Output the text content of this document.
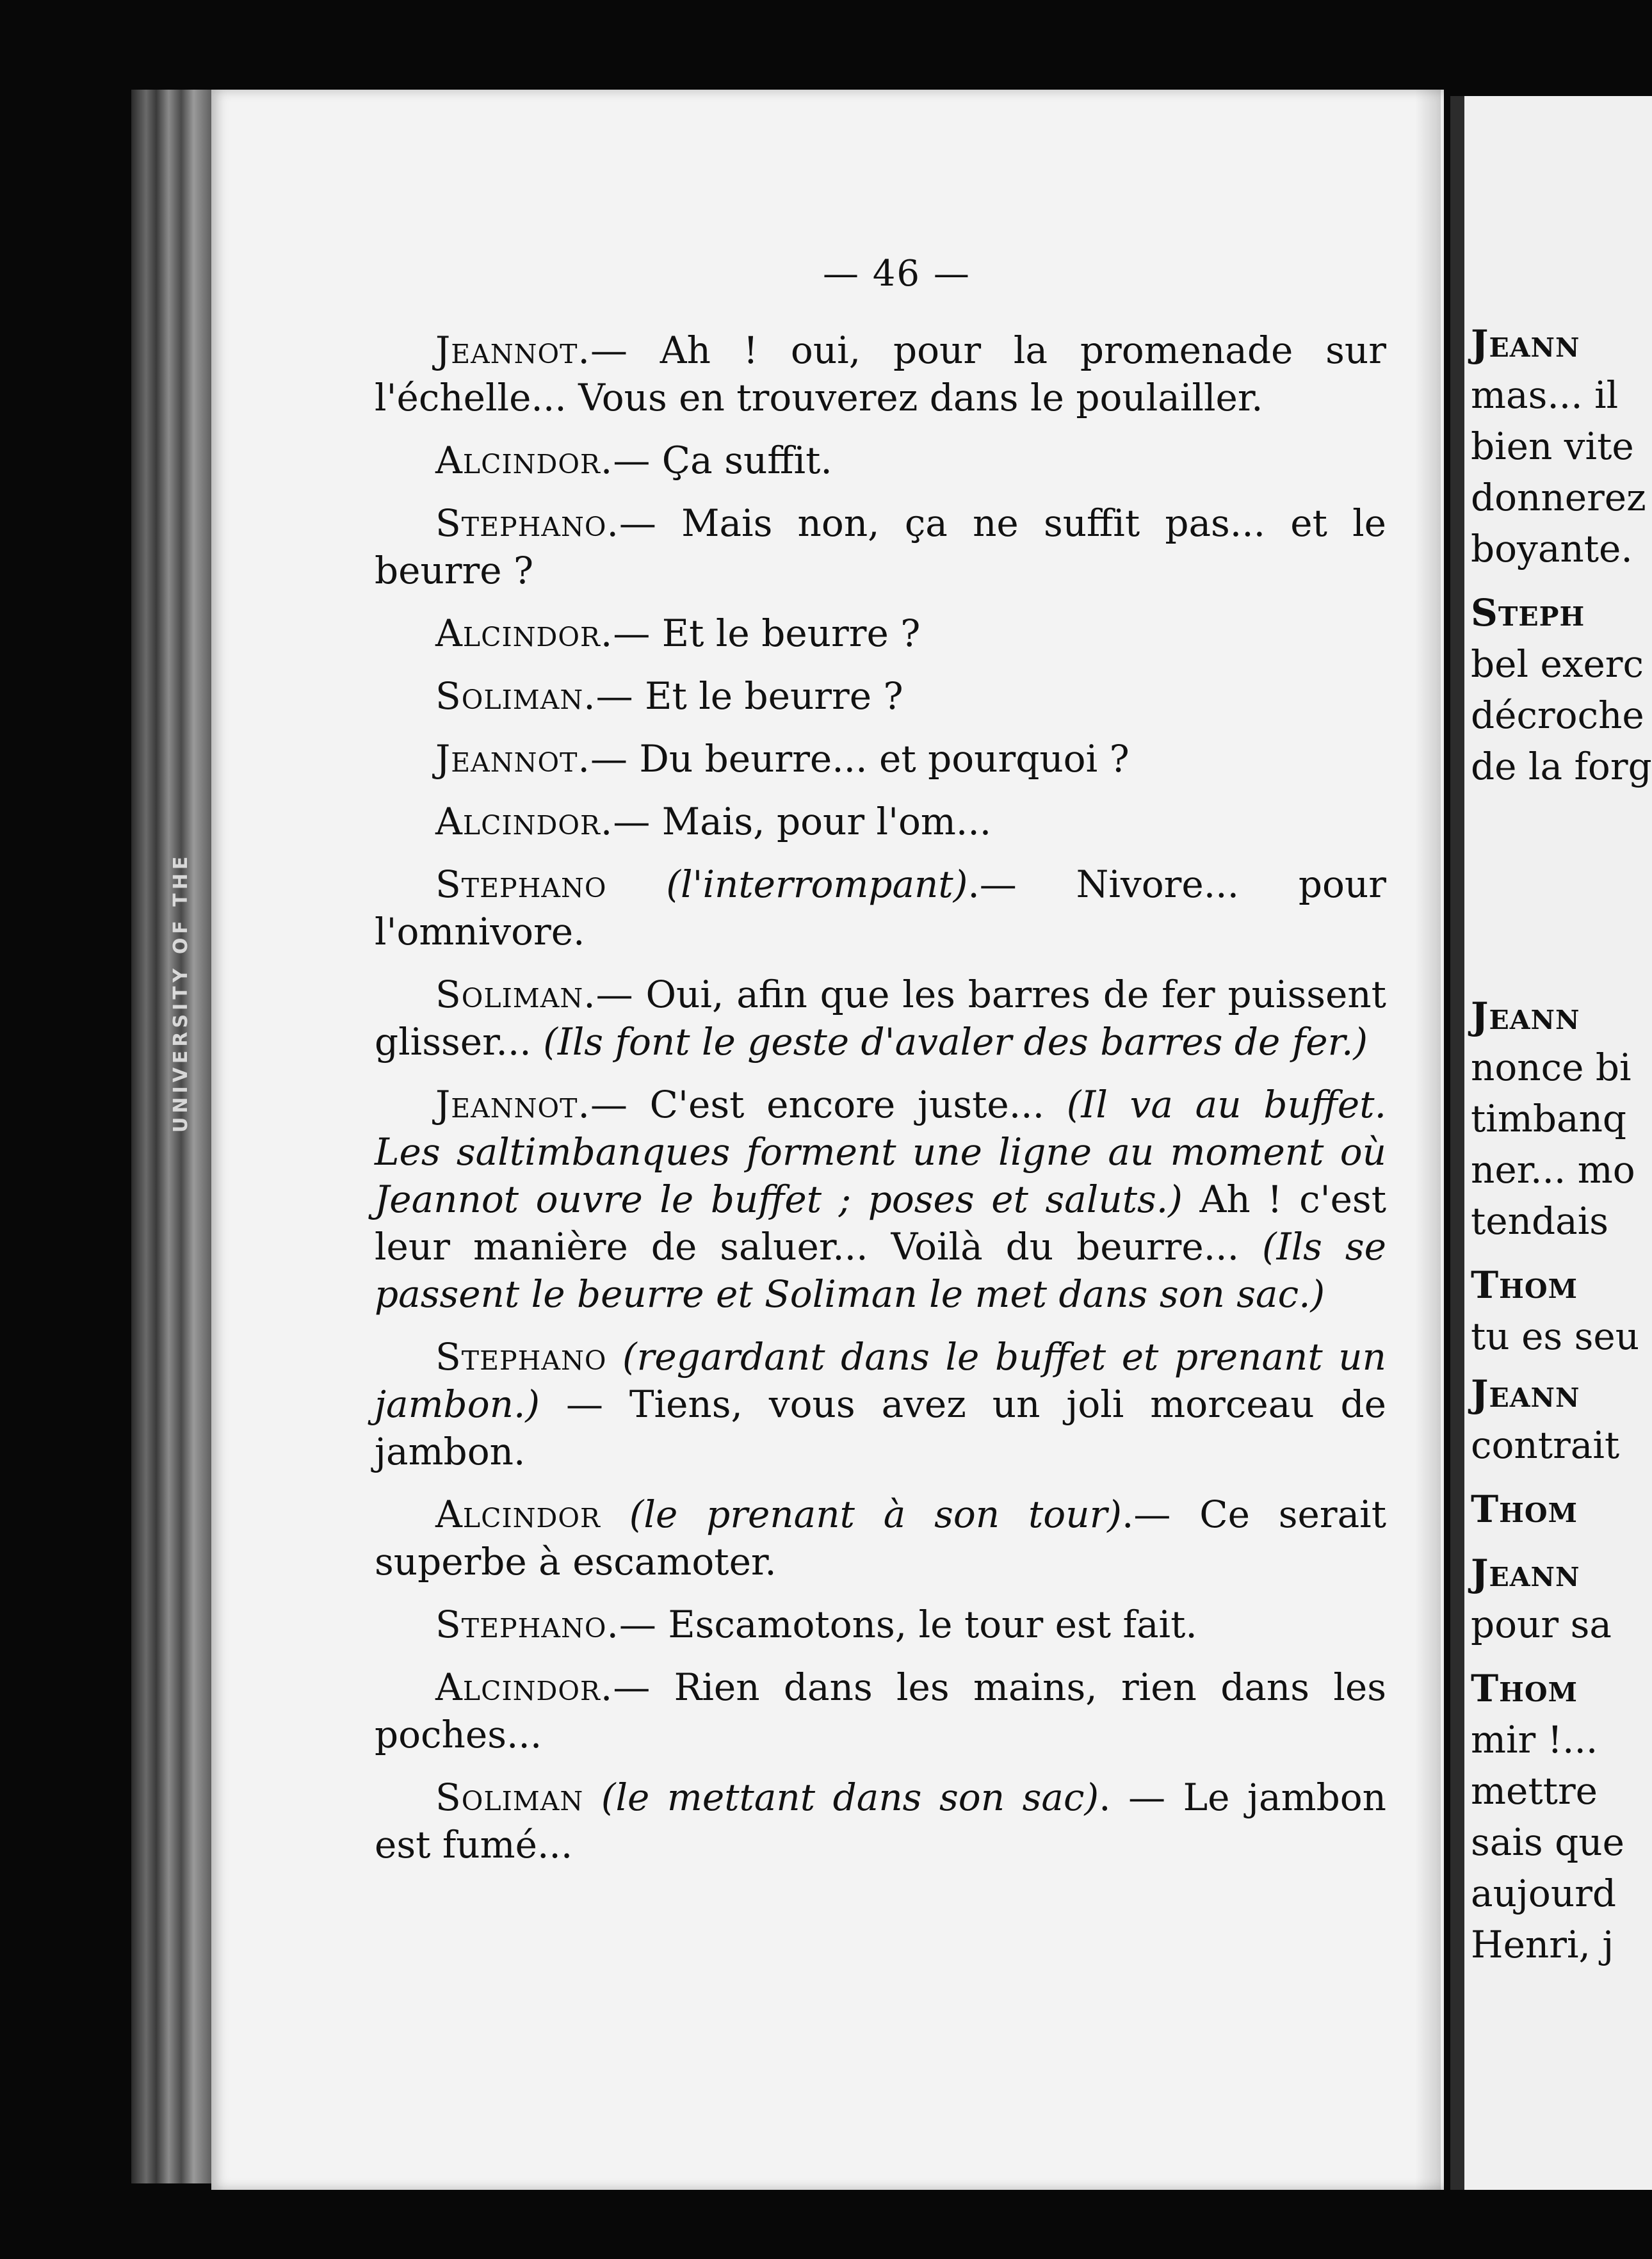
UNIVERSITY OF THE
— 46 —

Jeannot.— Ah ! oui, pour la promenade sur l'échelle... Vous en trouverez dans le poulailler.

Alcindor.— Ça suffit.

Stephano.— Mais non, ça ne suffit pas... et le beurre ?

Alcindor.— Et le beurre ?

Soliman.— Et le beurre ?

Jeannot.— Du beurre... et pourquoi ?

Alcindor.— Mais, pour l'om...

Stephano (l'interrompant).— Nivore... pour l'omnivore.

Soliman.— Oui, afin que les barres de fer puissent glisser... (Ils font le geste d'avaler des barres de fer.)

Jeannot.— C'est encore juste... (Il va au buffet. Les saltimbanques forment une ligne au moment où Jeannot ouvre le buffet ; poses et saluts.) Ah ! c'est leur manière de saluer... Voilà du beurre... (Ils se passent le beurre et Soliman le met dans son sac.)

Stephano (regardant dans le buffet et prenant un jambon.) — Tiens, vous avez un joli morceau de jambon.

Alcindor (le prenant à son tour).— Ce serait superbe à escamoter.

Stephano.— Escamotons, le tour est fait.

Alcindor.— Rien dans les mains, rien dans les poches...

Soliman (le mettant dans son sac). — Le jambon est fumé...

Jeann
mas... il
bien vite
donnerez
boyante.
Steph
bel exerc
décroche
de la forg
Jeann
nonce bi
timbanq
ner... mo
tendais
Thom
tu es seu
Jeann
contrait
Thom
Jeann
pour sa
Thom
mir !...
mettre
sais que
aujourd
Henri, j
